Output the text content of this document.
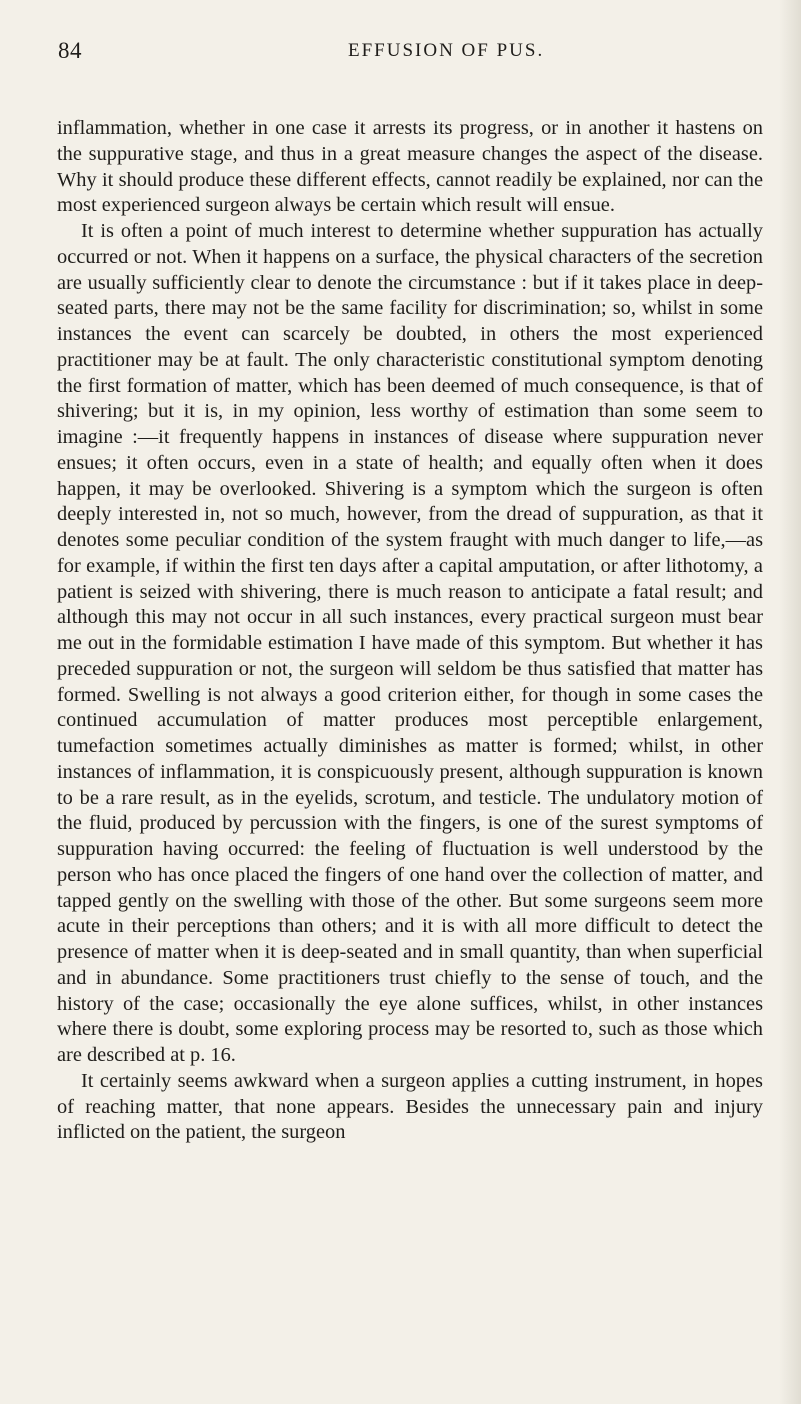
84	EFFUSION OF PUS.

inflammation, whether in one case it arrests its progress, or in another it hastens on the suppurative stage, and thus in a great measure changes the aspect of the disease. Why it should produce these different effects, cannot readily be explained, nor can the most experienced surgeon always be certain which result will ensue.

It is often a point of much interest to determine whether suppuration has actually occurred or not. When it happens on a surface, the physical characters of the secretion are usually sufficiently clear to denote the circumstance : but if it takes place in deep-seated parts, there may not be the same facility for discrimination; so, whilst in some instances the event can scarcely be doubted, in others the most experienced practitioner may be at fault. The only characteristic constitutional symptom denoting the first formation of matter, which has been deemed of much consequence, is that of shivering; but it is, in my opinion, less worthy of estimation than some seem to imagine :—it frequently happens in instances of disease where suppuration never ensues; it often occurs, even in a state of health; and equally often when it does happen, it may be overlooked. Shivering is a symptom which the surgeon is often deeply interested in, not so much, however, from the dread of suppuration, as that it denotes some peculiar condition of the system fraught with much danger to life,—as for example, if within the first ten days after a capital amputation, or after lithotomy, a patient is seized with shivering, there is much reason to anticipate a fatal result; and although this may not occur in all such instances, every practical surgeon must bear me out in the formidable estimation I have made of this symptom. But whether it has preceded suppuration or not, the surgeon will seldom be thus satisfied that matter has formed. Swelling is not always a good criterion either, for though in some cases the continued accumulation of matter produces most perceptible enlargement, tumefaction sometimes actually diminishes as matter is formed; whilst, in other instances of inflammation, it is conspicuously present, although suppuration is known to be a rare result, as in the eyelids, scrotum, and testicle. The undulatory motion of the fluid, produced by percussion with the fingers, is one of the surest symptoms of suppuration having occurred: the feeling of fluctuation is well understood by the person who has once placed the fingers of one hand over the collection of matter, and tapped gently on the swelling with those of the other. But some surgeons seem more acute in their perceptions than others; and it is with all more difficult to detect the presence of matter when it is deep-seated and in small quantity, than when superficial and in abundance. Some practitioners trust chiefly to the sense of touch, and the history of the case; occasionally the eye alone suffices, whilst, in other instances where there is doubt, some exploring process may be resorted to, such as those which are described at p. 16.

It certainly seems awkward when a surgeon applies a cutting instrument, in hopes of reaching matter, that none appears. Besides the unnecessary pain and injury inflicted on the patient, the surgeon
